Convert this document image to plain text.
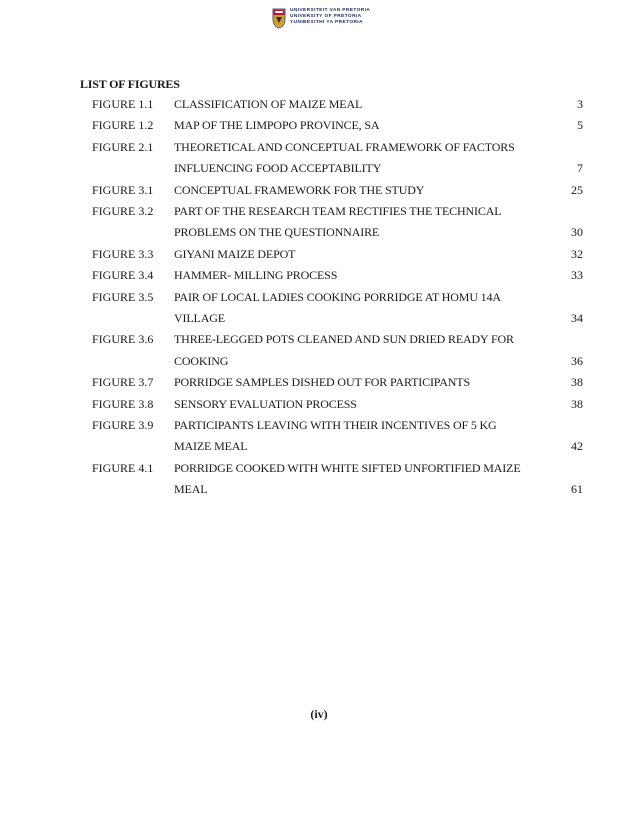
UNIVERSITEIT VAN PRETORIA
UNIVERSITY OF PRETORIA
YUNIBESITHI YA PRETORIA
LIST OF FIGURES
FIGURE 1.1 CLASSIFICATION OF MAIZE MEAL	3
FIGURE 1.2 MAP OF THE LIMPOPO PROVINCE, SA	5
FIGURE 2.1 THEORETICAL AND CONCEPTUAL FRAMEWORK OF FACTORS
INFLUENCING FOOD ACCEPTABILITY	7
FIGURE 3.1 CONCEPTUAL FRAMEWORK FOR THE STUDY	25
FIGURE 3.2 PART OF THE RESEARCH TEAM RECTIFIES THE TECHNICAL
PROBLEMS ON THE QUESTIONNAIRE	30
FIGURE 3.3 GIYANI MAIZE DEPOT	32
FIGURE 3.4 HAMMER- MILLING PROCESS	33
FIGURE 3.5 PAIR OF LOCAL LADIES COOKING PORRIDGE AT HOMU 14A
VILLAGE	34
FIGURE 3.6 THREE-LEGGED POTS CLEANED AND SUN DRIED READY FOR
COOKING	36
FIGURE 3.7 PORRIDGE SAMPLES DISHED OUT FOR PARTICIPANTS	38
FIGURE 3.8 SENSORY EVALUATION PROCESS	38
FIGURE 3.9 PARTICIPANTS LEAVING WITH THEIR INCENTIVES OF 5 KG
MAIZE MEAL	42
FIGURE 4.1 PORRIDGE COOKED WITH WHITE SIFTED UNFORTIFIED MAIZE
MEAL	61
(iv)
